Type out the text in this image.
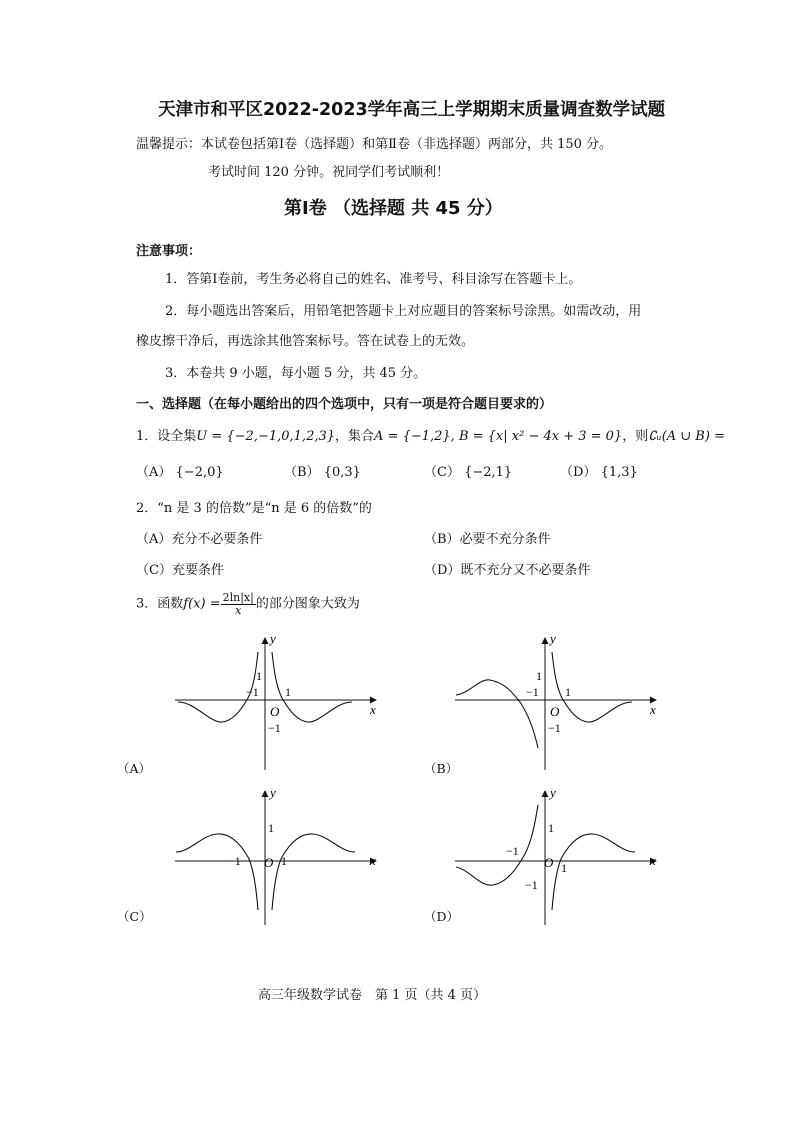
天津市和平区2022-2023学年高三上学期期末质量调查数学试题
温馨提示：本试卷包括第Ⅰ卷（选择题）和第Ⅱ卷（非选择题）两部分，共 150 分。
考试时间 120 分钟。祝同学们考试顺利！
第Ⅰ卷 （选择题 共 45 分）
注意事项：
1．答第Ⅰ卷前，考生务必将自己的姓名、准考号、科目涂写在答题卡上。
2．每小题选出答案后，用铅笔把答题卡上对应题目的答案标号涂黑。如需改动，用
橡皮擦干净后，再选涂其他答案标号。答在试卷上的无效。
3．本卷共 9 小题，每小题 5 分，共 45 分。
一、选择题（在每小题给出的四个选项中，只有一项是符合题目要求的）
1．设全集U = {−2,−1,0,1,2,3}，集合A = {−1,2}, B = {x| x² − 4x + 3 = 0}，则∁ᵤ(A ∪ B) =
（A） {−2,0}	（B） {0,3}	（C） {−2,1}	（D） {1,3}
2．“n 是 3 的倍数”是“n 是 6 的倍数”的
（A）充分不必要条件	（B）必要不充分条件
（C）充要条件	（D）既不充分又不必要条件
3．函数$f(x) = \frac{2\ln|x|}{x}$ 的部分图象大致为
x
y
O
1
−1 1
−1
（A）
x
y
O
1
−1 1
−1
（B）
x
y
O
1
−1	1
（C）
x
y
O
1
−1
1
−1
（D）
高三年级数学试卷　第 1 页（共 4 页）
